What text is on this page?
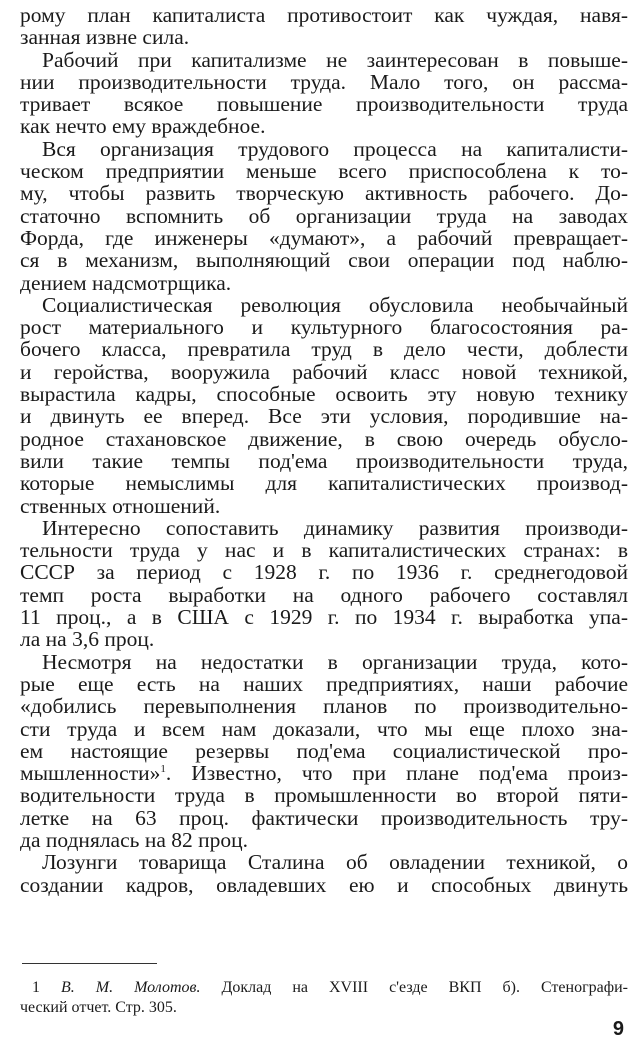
рому план капиталиста противостоит как чуждая, навя-
занная извне сила.
Рабочий при капитализме не заинтересован в повыше-
нии производительности труда. Мало того, он рассма-
тривает всякое повышение производительности труда
как нечто ему враждебное.
Вся организация трудового процесса на капиталисти-
ческом предприятии меньше всего приспособлена к то-
му, чтобы развить творческую активность рабочего. До-
статочно вспомнить об организации труда на заводах
Форда, где инженеры «думают», а рабочий превращает-
ся в механизм, выполняющий свои операции под наблю-
дением надсмотрщика.
Социалистическая революция обусловила необычайный
рост материального и культурного благосостояния ра-
бочего класса, превратила труд в дело чести, доблести
и геройства, вооружила рабочий класс новой техникой,
вырастила кадры, способные освоить эту новую технику
и двинуть ее вперед. Все эти условия, породившие на-
родное стахановское движение, в свою очередь обусло-
вили такие темпы под'ема производительности труда,
которые немыслимы для капиталистических производ-
ственных отношений.
Интересно сопоставить динамику развития производи-
тельности труда у нас и в капиталистических странах: в
СССР за период с 1928 г. по 1936 г. среднегодовой
темп роста выработки на одного рабочего составлял
11 проц., а в США с 1929 г. по 1934 г. выработка упа-
ла на 3,6 проц.
Несмотря на недостатки в организации труда, кото-
рые еще есть на наших предприятиях, наши рабочие
«добились перевыполнения планов по производительно-
сти труда и всем нам доказали, что мы еще плохо зна-
ем настоящие резервы под'ема социалистической про-
мышленности»$^1$. Известно, что при плане под'ема произ-
водительности труда в промышленности во второй пяти-
летке на 63 проц. фактически производительность тру-
да поднялась на 82 проц.
Лозунги товарища Сталина об овладении техникой, о
создании кадров, овладевших ею и способных двинуть
1 В. М. Молотов. Доклад на XVIII с'езде ВКП б). Стенографи-
ческий отчет. Стр. 305.
9
